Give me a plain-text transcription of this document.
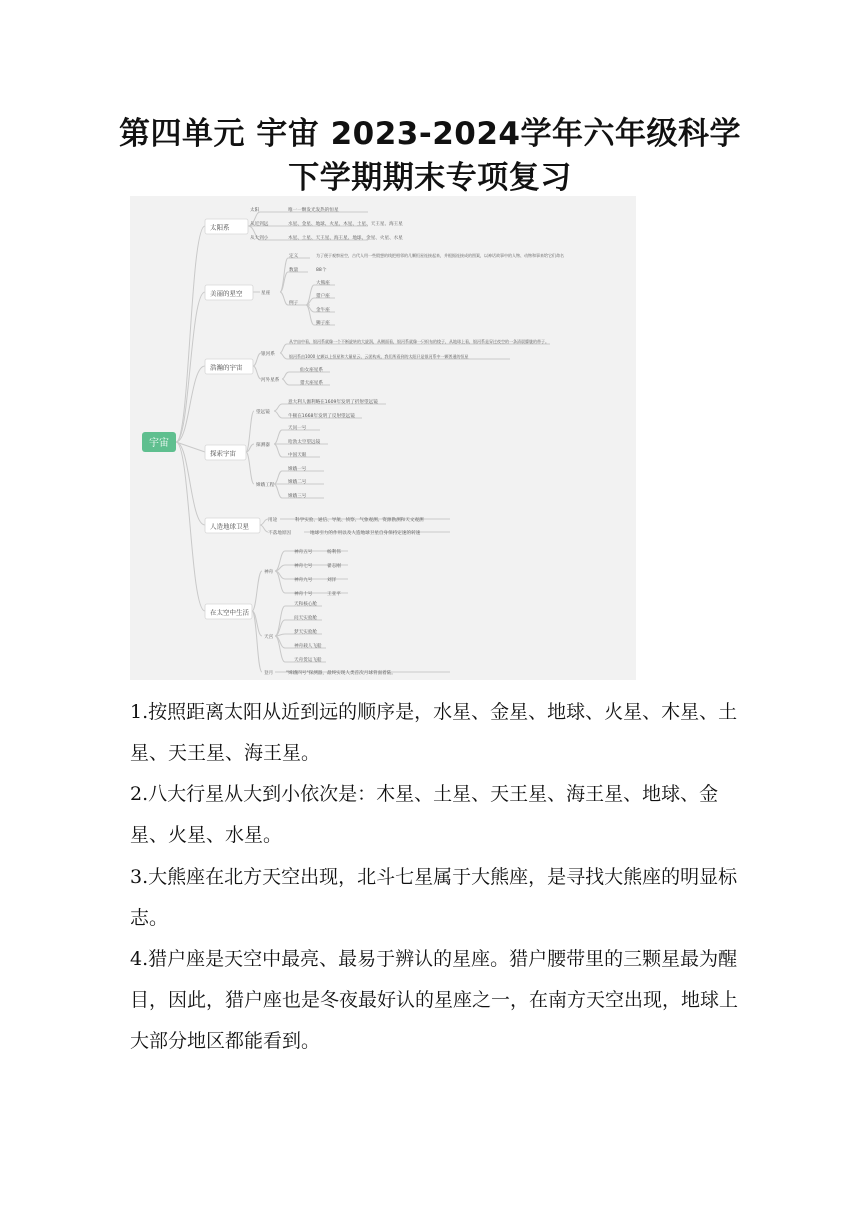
第四单元 宇宙 2023-2024学年六年级科学
下学期期末专项复习
宇宙
太阳系
美丽的星空
浩瀚的宇宙
探索宇宙
人造地球卫星
在太空中生活
太阳	唯一一颗发光发热的恒星
从近到远	水星、金星、地球、火星、木星、土星、天王星、海王星
从大到小	木星、土星、天王星、海王星、地球、金星、火星、水星
星座
定义	为了便于观察星空，古代人用一些假想的线把相邻的几颗恒星连接起来，并根据连接成的图案，以神话故事中的人物、动物和事来给它们命名
数量	88个
例子
大熊座
猎户座
金牛座
狮子座
银河系
从宇宙中看，银河系就像一个不断旋转的大旋涡，从侧面看，银河系就像一只织布的梭子，从地球上看，银河系是穿过夜空的一条清晨朦胧的带子。
银河系由1000 亿颗以上恒星和大量星云、云团构成，我们所看到的太阳只是银河系中一颗普通的恒星
河外星系
仙女座星系
猎犬座星系
望远镜
意大利人伽利略在1609年发明了折射望远镜
牛顿在1668年发明了反射望远镜
探测器
天问一号
哈勃太空望远镜
中国天眼
嫦娥工程
嫦娥一号
嫦娥二号
嫦娥三号
用途	科学实验、通信、导航、侦察、气象观测、资源勘测和天文观测
不落地原因	地球引力的作用以及人造地球卫星自身保持定速的转速
神舟
神舟五号	杨利伟
神舟七号	翟志刚
神舟九号	刘洋
神舟十号	王亚平
天宫
天和核心舱
问天实验舱
梦天实验舱
神舟载人飞船
天舟货运飞船
登月	"嫦娥四号"探测器，最终实现人类首次月球背面着陆。

1.按照距离太阳从近到远的顺序是，水星、金星、地球、火星、木星、土星、天王星、海王星。

2.八大行星从大到小依次是：木星、土星、天王星、海王星、地球、金星、火星、水星。

3.大熊座在北方天空出现，北斗七星属于大熊座，是寻找大熊座的明显标志。

4.猎户座是天空中最亮、最易于辨认的星座。猎户腰带里的三颗星最为醒目，因此，猎户座也是冬夜最好认的星座之一，在南方天空出现，地球上大部分地区都能看到。
